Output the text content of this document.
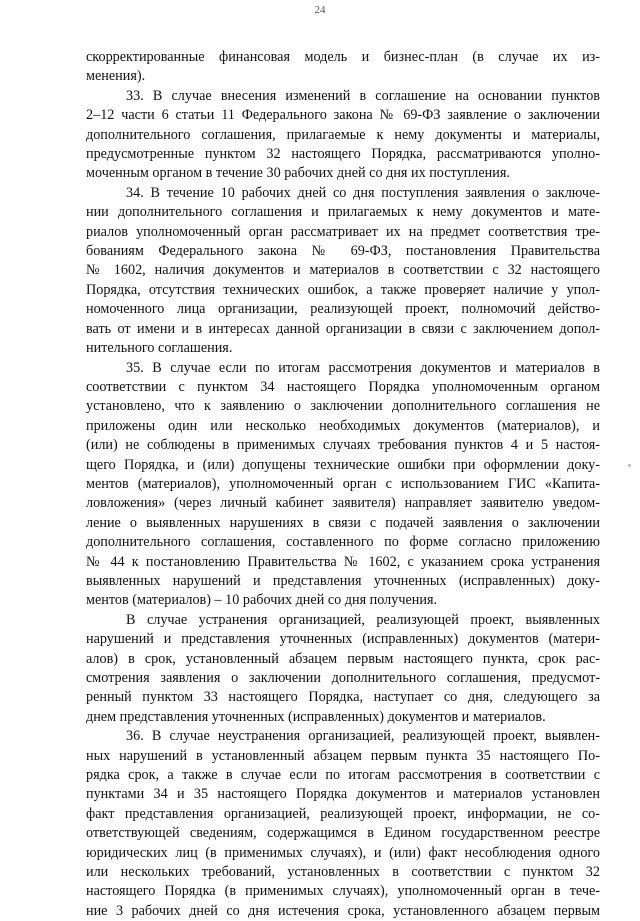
24
скорректированные финансовая модель и бизнес-план (в случае их из-
менения).
33. В случае внесения изменений в соглашение на основании пунктов
2–12 части 6 статьи 11 Федерального закона № 69-ФЗ заявление о заключении
дополнительного соглашения, прилагаемые к нему документы и материалы,
предусмотренные пунктом 32 настоящего Порядка, рассматриваются уполно-
моченным органом в течение 30 рабочих дней со дня их поступления.
34. В течение 10 рабочих дней со дня поступления заявления о заключе-
нии дополнительного соглашения и прилагаемых к нему документов и мате-
риалов уполномоченный орган рассматривает их на предмет соответствия тре-
бованиям Федерального закона № 69-ФЗ, постановления Правительства
№ 1602, наличия документов и материалов в соответствии с 32 настоящего
Порядка, отсутствия технических ошибок, а также проверяет наличие у упол-
номоченного лица организации, реализующей проект, полномочий действо-
вать от имени и в интересах данной организации в связи с заключением допол-
нительного соглашения.
35. В случае если по итогам рассмотрения документов и материалов в
соответствии с пунктом 34 настоящего Порядка уполномоченным органом
установлено, что к заявлению о заключении дополнительного соглашения не
приложены один или несколько необходимых документов (материалов), и
(или) не соблюдены в применимых случаях требования пунктов 4 и 5 настоя-
щего Порядка, и (или) допущены технические ошибки при оформлении доку-
ментов (материалов), уполномоченный орган с использованием ГИС «Капита-
ловложения» (через личный кабинет заявителя) направляет заявителю уведом-
ление о выявленных нарушениях в связи с подачей заявления о заключении
дополнительного соглашения, составленного по форме согласно приложению
№ 44 к постановлению Правительства № 1602, с указанием срока устранения
выявленных нарушений и представления уточненных (исправленных) доку-
ментов (материалов) – 10 рабочих дней со дня получения.
В случае устранения организацией, реализующей проект, выявленных
нарушений и представления уточненных (исправленных) документов (матери-
алов) в срок, установленный абзацем первым настоящего пункта, срок рас-
смотрения заявления о заключении дополнительного соглашения, предусмот-
ренный пунктом 33 настоящего Порядка, наступает со дня, следующего за
днем представления уточненных (исправленных) документов и материалов.
36. В случае неустранения организацией, реализующей проект, выявлен-
ных нарушений в установленный абзацем первым пункта 35 настоящего По-
рядка срок, а также в случае если по итогам рассмотрения в соответствии с
пунктами 34 и 35 настоящего Порядка документов и материалов установлен
факт представления организацией, реализующей проект, информации, не со-
ответствующей сведениям, содержащимся в Едином государственном реестре
юридических лиц (в применимых случаях), и (или) факт несоблюдения одного
или нескольких требований, установленных в соответствии с пунктом 32
настоящего Порядка (в применимых случаях), уполномоченный орган в тече-
ние 3 рабочих дней со дня истечения срока, установленного абзацем первым
